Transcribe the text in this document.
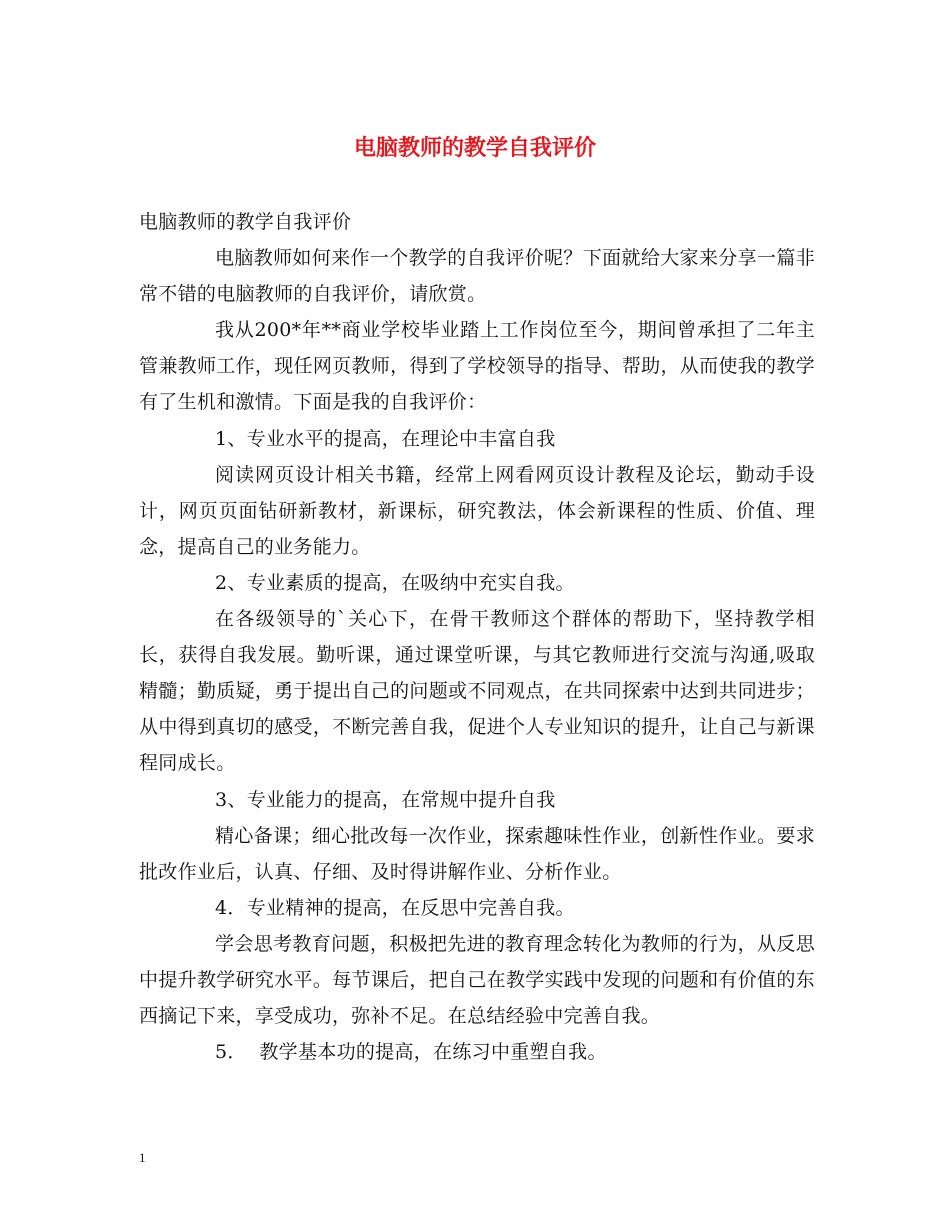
电脑教师的教学自我评价

电脑教师的教学自我评价

电脑教师如何来作一个教学的自我评价呢？下面就给大家来分享一篇非常不错的电脑教师的自我评价，请欣赏。

我从200*年**商业学校毕业踏上工作岗位至今，期间曾承担了二年主管兼教师工作，现任网页教师，得到了学校领导的指导、帮助，从而使我的教学有了生机和激情。下面是我的自我评价：

1、专业水平的提高，在理论中丰富自我

阅读网页设计相关书籍，经常上网看网页设计教程及论坛，勤动手设计，网页页面钻研新教材，新课标，研究教法，体会新课程的性质、价值、理念，提高自己的业务能力。

2、专业素质的提高，在吸纳中充实自我。

在各级领导的`关心下，在骨干教师这个群体的帮助下，坚持教学相长，获得自我发展。勤听课，通过课堂听课，与其它教师进行交流与沟通,吸取精髓；勤质疑，勇于提出自己的问题或不同观点，在共同探索中达到共同进步；从中得到真切的感受，不断完善自我，促进个人专业知识的提升，让自己与新课程同成长。

3、专业能力的提高，在常规中提升自我

精心备课；细心批改每一次作业，探索趣味性作业，创新性作业。要求批改作业后，认真、仔细、及时得讲解作业、分析作业。

4．专业精神的提高，在反思中完善自我。

学会思考教育问题，积极把先进的教育理念转化为教师的行为，从反思中提升教学研究水平。每节课后，把自己在教学实践中发现的问题和有价值的东西摘记下来，享受成功，弥补不足。在总结经验中完善自我。

5．  教学基本功的提高，在练习中重塑自我。

1
